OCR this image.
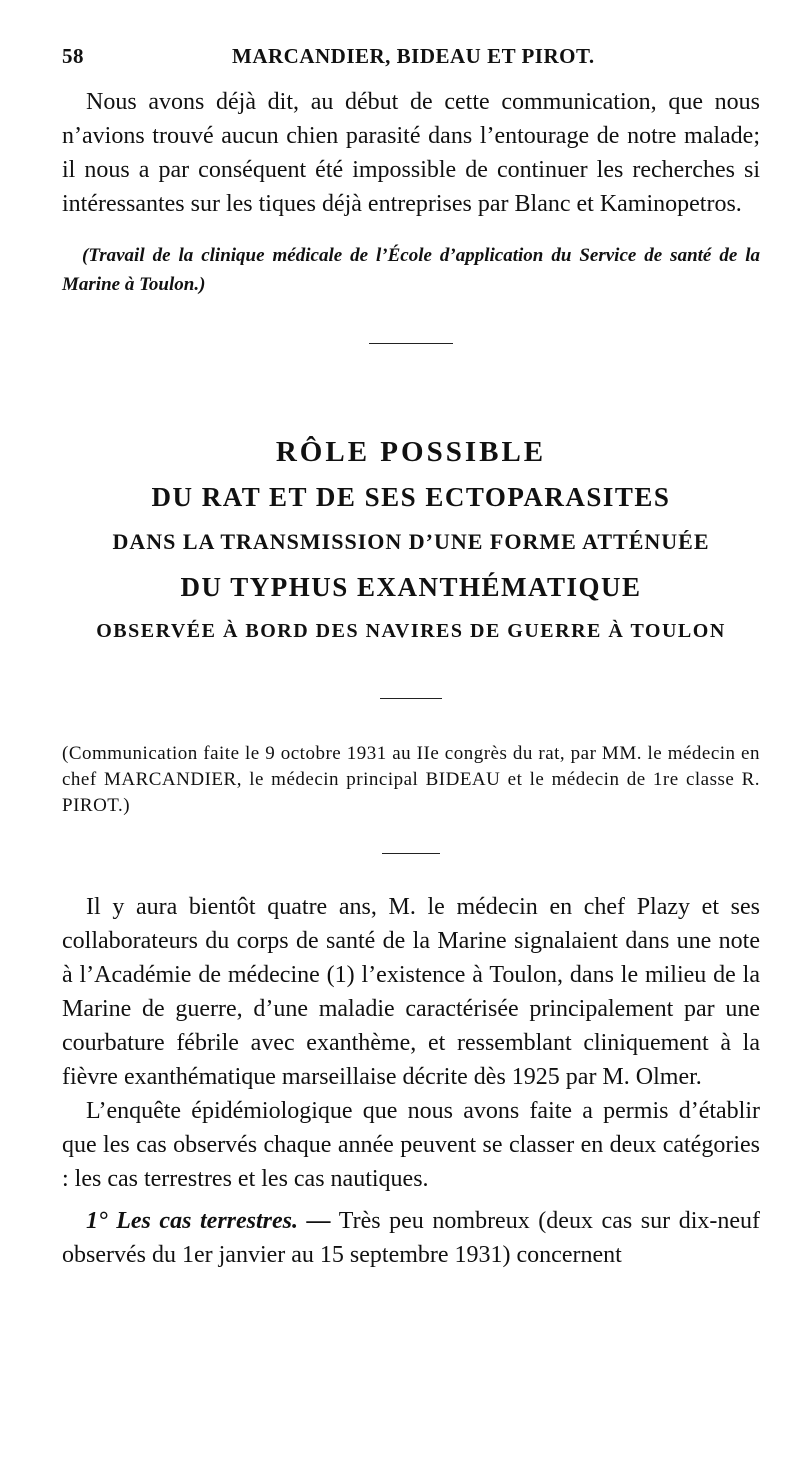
58	MARCANDIER, BIDEAU ET PIROT.

Nous avons déjà dit, au début de cette communication, que nous n’avions trouvé aucun chien parasité dans l’entourage de notre malade; il nous a par conséquent été impossible de continuer les recherches si intéressantes sur les tiques déjà entreprises par Blanc et Kaminopetros.

(Travail de la clinique médicale de l’École d’application du Service de santé de la Marine à Toulon.)

RÔLE POSSIBLE
DU RAT ET DE SES ECTOPARASITES
DANS LA TRANSMISSION D’UNE FORME ATTÉNUÉE
DU TYPHUS EXANTHÉMATIQUE
OBSERVÉE À BORD DES NAVIRES DE GUERRE À TOULON

(Communication faite le 9 octobre 1931 au IIe congrès du rat, par MM. le médecin en chef MARCANDIER, le médecin principal BIDEAU et le médecin de 1re classe R. PIROT.)

Il y aura bientôt quatre ans, M. le médecin en chef Plazy et ses collaborateurs du corps de santé de la Marine signalaient dans une note à l’Académie de médecine (1) l’existence à Toulon, dans le milieu de la Marine de guerre, d’une maladie caractérisée principalement par une courbature fébrile avec exanthème, et ressemblant cliniquement à la fièvre exanthématique marseillaise décrite dès 1925 par M. Olmer.

L’enquête épidémiologique que nous avons faite a permis d’établir que les cas observés chaque année peuvent se classer en deux catégories : les cas terrestres et les cas nautiques.

1° Les cas terrestres. — Très peu nombreux (deux cas sur dix-neuf observés du 1er janvier au 15 septembre 1931) concernent
